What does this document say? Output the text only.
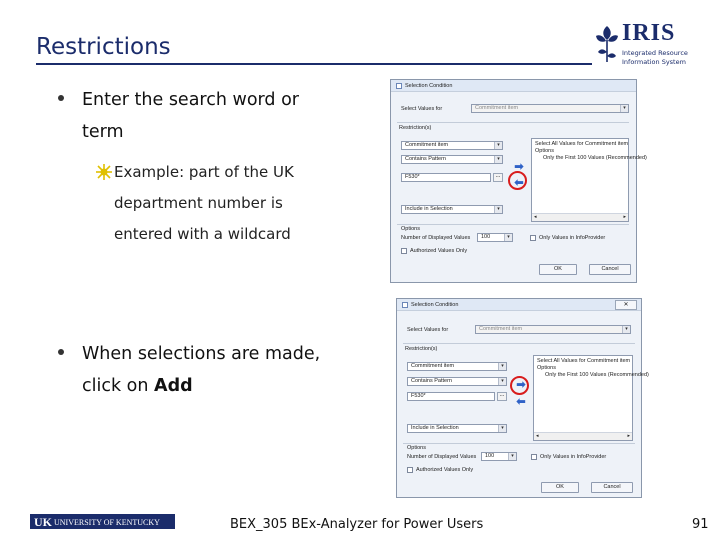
Restrictions
IRIS
Integrated Resource
Information System
Enter the search word or
term
Example: part of the UK
department number is
entered with a wildcard
When selections are made,
click on Add
Selection Condition
Select Values for	Commitment item	▾
Restriction(s)
Commitment item	▾
Contains Pattern	▾
F530*	...
Include in Selection	▾
➡
⬅
Select All Values for Commitment item
Options
Only the First 100 Values (Recommended)
◂	▸
Options
Number of Displayed Values	100	▾	Only Values in InfoProvider
Authorized Values Only
OK	Cancel
Selection Condition	✕
Select Values for	Commitment item	▾
Restriction(s)
Commitment item	▾
Contains Pattern	▾
F530*	...
Include in Selection	▾
➡
⬅
Select All Values for Commitment item
Options
Only the First 100 Values (Recommended)
◂	▸
Options
Number of Displayed Values	100	▾	Only Values in InfoProvider
Authorized Values Only
OK	Cancel
UK UNIVERSITY OF KENTUCKY	BEX_305 BEx-Analyzer for Power Users	91
